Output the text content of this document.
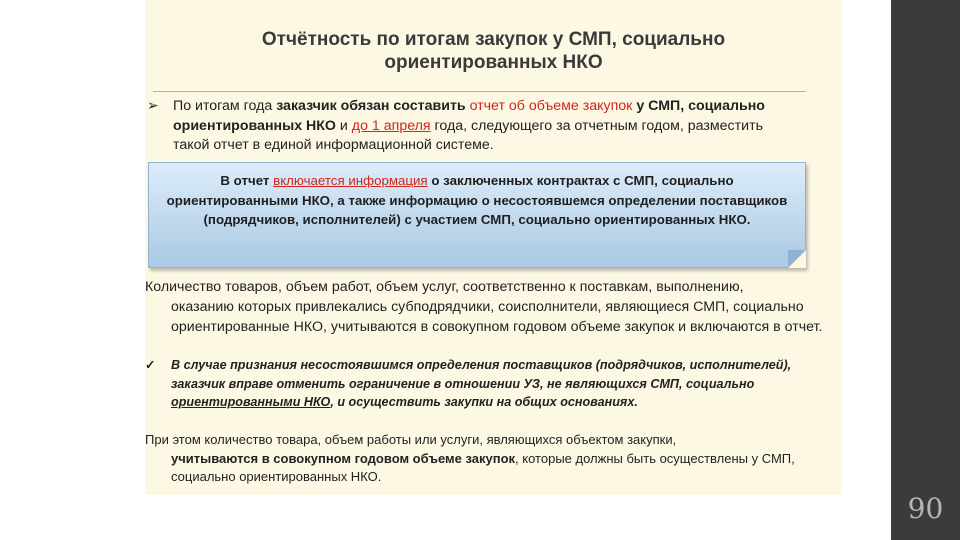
Отчётность по итогам закупок у СМП, социально
ориентированных НКО
➢ По итогам года заказчик обязан составить отчет об объеме закупок у СМП, социально ориентированных НКО и до 1 апреля года, следующего за отчетным годом, разместить такой отчет в единой информационной системе.
В отчет включается информация о заключенных контрактах с СМП, социально ориентированными НКО, а также информацию о несостоявшемся определении поставщиков (подрядчиков, исполнителей) с участием СМП, социально ориентированных НКО.
Количество товаров, объем работ, объем услуг, соответственно к поставкам, выполнению,
оказанию которых привлекались субподрядчики, соисполнители, являющиеся СМП, социально ориентированные НКО, учитываются в совокупном годовом объеме закупок и включаются в отчет.
✓	В случае признания несостоявшимся определения поставщиков (подрядчиков, исполнителей), заказчик вправе отменить ограничение в отношении УЗ, не являющихся СМП, социально ориентированными НКО, и осуществить закупки на общих основаниях.
При этом количество товара, объем работы или услуги, являющихся объектом закупки,
учитываются в совокупном годовом объеме закупок, которые должны быть осуществлены у СМП, социально ориентированных НКО.
90
